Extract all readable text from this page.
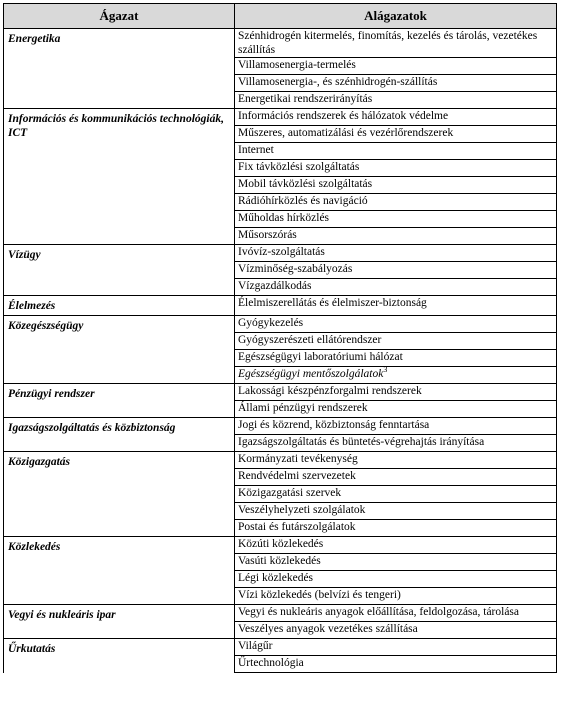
Ágazat	Alágazatok
Energetika	Szénhidrogén kitermelés, finomítás, kezelés és tárolás, vezetékes szállítás
	Villamosenergia-termelés
	Villamosenergia-, és szénhidrogén-szállítás
	Energetikai rendszerirányítás
Információs és kommunikációs technológiák, ICT	Információs rendszerek és hálózatok védelme
	Műszeres, automatizálási és vezérlőrendszerek
	Internet
	Fix távközlési szolgáltatás
	Mobil távközlési szolgáltatás
	Rádióhírközlés és navigáció
	Műholdas hírközlés
	Műsorszórás
Vízügy	Ivóvíz-szolgáltatás
	Vízminőség-szabályozás
	Vízgazdálkodás
Élelmezés	Élelmiszerellátás és élelmiszer-biztonság
Közegészségügy	Gyógykezelés
	Gyógyszerészeti ellátórendszer
	Egészségügyi laboratóriumi hálózat
	Egészségügyi mentőszolgálatok$^3$
Pénzügyi rendszer	Lakossági készpénzforgalmi rendszerek
	Állami pénzügyi rendszerek
Igazságszolgáltatás és közbiztonság	Jogi és közrend, közbiztonság fenntartása
	Igazságszolgáltatás és büntetés-végrehajtás irányítása
Közigazgatás	Kormányzati tevékenység
	Rendvédelmi szervezetek
	Közigazgatási szervek
	Veszélyhelyzeti szolgálatok
	Postai és futárszolgálatok
Közlekedés	Közúti közlekedés
	Vasúti közlekedés
	Légi közlekedés
	Vízi közlekedés (belvízi és tengeri)
Vegyi és nukleáris ipar	Vegyi és nukleáris anyagok előállítása, feldolgozása, tárolása
	Veszélyes anyagok vezetékes szállítása
Űrkutatás	Világűr
	Űrtechnológia
